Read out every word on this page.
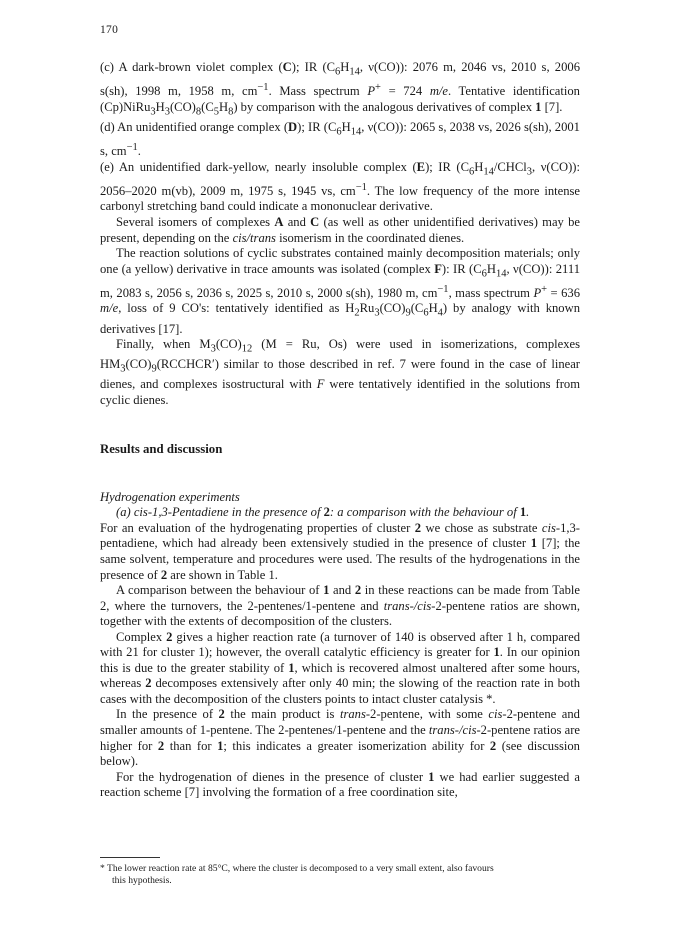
170

(c) A dark-brown violet complex (C); IR ($C_6H_{14}$, ν(CO)): 2076 m, 2046 vs, 2010 s, 2006 s(sh), 1998 m, 1958 m, $cm^{-1}$. Mass spectrum P+ = 724 m/e. Tentative identification $(Cp)NiRu_3H_3(CO)_8(C_5H_8)$ by comparison with the analogous derivatives of complex 1 [7].

(d) An unidentified orange complex (D); IR ($C_6H_{14}$, ν(CO)): 2065 s, 2038 vs, 2026 s(sh), 2001 s, $cm^{-1}$.

(e) An unidentified dark-yellow, nearly insoluble complex (E); IR ($C_6H_{14}/CHCl_3$, ν(CO)): 2056–2020 m(vb), 2009 m, 1975 s, 1945 vs, $cm^{-1}$. The low frequency of the more intense carbonyl stretching band could indicate a mononuclear derivative.

Several isomers of complexes A and C (as well as other unidentified derivatives) may be present, depending on the cis/trans isomerism in the coordinated dienes.

The reaction solutions of cyclic substrates contained mainly decomposition materials; only one (a yellow) derivative in trace amounts was isolated (complex F): IR ($C_6H_{14}$, ν(CO)): 2111 m, 2083 s, 2056 s, 2036 s, 2025 s, 2010 s, 2000 s(sh), 1980 m, $cm^{-1}$, mass spectrum P+ = 636 m/e, loss of 9 CO's: tentatively identified as $H_2Ru_3(CO)_9(C_6H_4)$ by analogy with known derivatives [17].

Finally, when $M_3(CO)_{12}$ (M = Ru, Os) were used in isomerizations, complexes $HM_3(CO)_9(RCCHCR')$ similar to those described in ref. 7 were found in the case of linear dienes, and complexes isostructural with F were tentatively identified in the solutions from cyclic dienes.

Results and discussion

Hydrogenation experiments

(a) cis-1,3-Pentadiene in the presence of 2: a comparison with the behaviour of 1.

For an evaluation of the hydrogenating properties of cluster 2 we chose as substrate cis-1,3-pentadiene, which had already been extensively studied in the presence of cluster 1 [7]; the same solvent, temperature and procedures were used. The results of the hydrogenations in the presence of 2 are shown in Table 1.

A comparison between the behaviour of 1 and 2 in these reactions can be made from Table 2, where the turnovers, the 2-pentenes/1-pentene and trans-/cis-2-pentene ratios are shown, together with the extents of decomposition of the clusters.

Complex 2 gives a higher reaction rate (a turnover of 140 is observed after 1 h, compared with 21 for cluster 1); however, the overall catalytic efficiency is greater for 1. In our opinion this is due to the greater stability of 1, which is recovered almost unaltered after some hours, whereas 2 decomposes extensively after only 40 min; the slowing of the reaction rate in both cases with the decomposition of the clusters points to intact cluster catalysis *.

In the presence of 2 the main product is trans-2-pentene, with some cis-2-pentene and smaller amounts of 1-pentene. The 2-pentenes/1-pentene and the trans-/cis-2-pentene ratios are higher for 2 than for 1; this indicates a greater isomerization ability for 2 (see discussion below).

For the hydrogenation of dienes in the presence of cluster 1 we had earlier suggested a reaction scheme [7] involving the formation of a free coordination site,

* The lower reaction rate at 85°C, where the cluster is decomposed to a very small extent, also favours
this hypothesis.
